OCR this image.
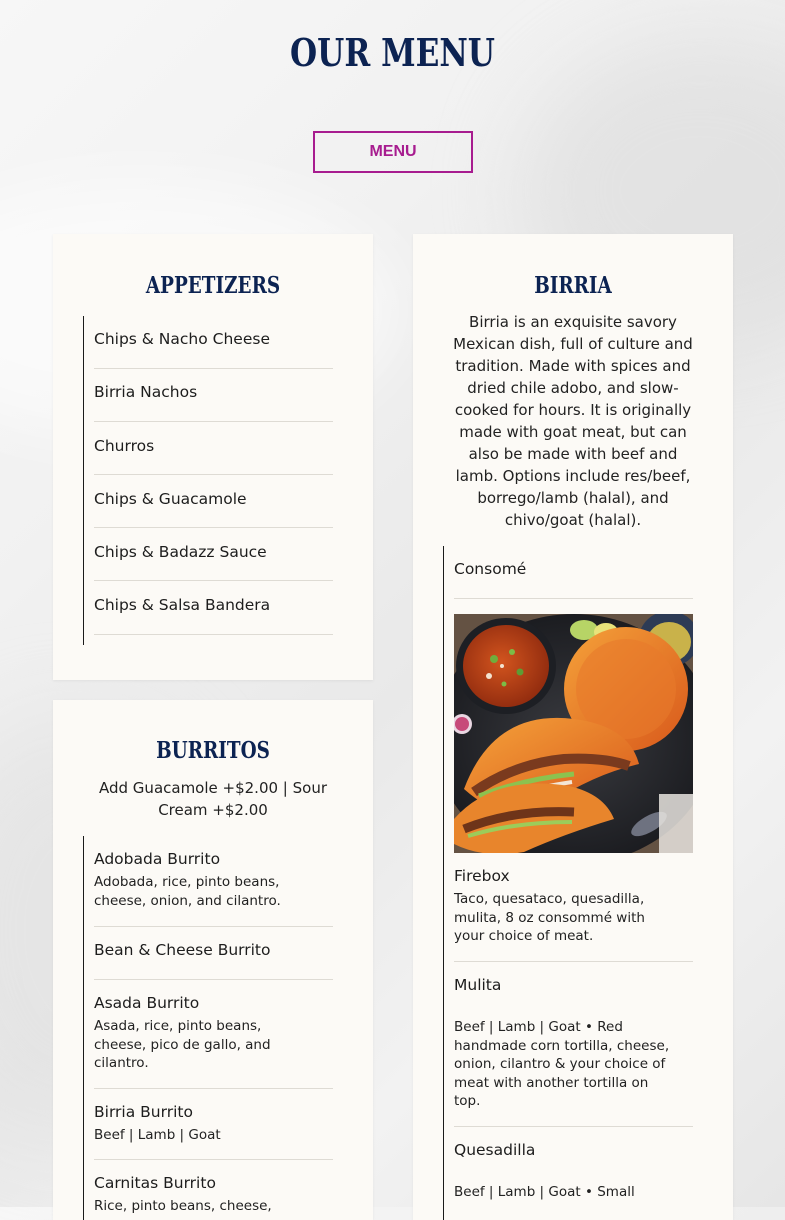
OUR MENU
MENU
APPETIZERS
Chips & Nacho Cheese
Birria Nachos
Churros
Chips & Guacamole
Chips & Badazz Sauce
Chips & Salsa Bandera
BURRITOS
Add Guacamole +$2.00 | Sour Cream +$2.00
Adobada Burrito
Adobada, rice, pinto beans, cheese, onion, and cilantro.
Bean & Cheese Burrito
Asada Burrito
Asada, rice, pinto beans, cheese, pico de gallo, and cilantro.
Birria Burrito
Beef | Lamb | Goat
Carnitas Burrito
Rice, pinto beans, cheese,
BIRRIA
Birria is an exquisite savory Mexican dish, full of culture and tradition. Made with spices and dried chile adobo, and slow-cooked for hours. It is originally made with goat meat, but can also be made with beef and lamb. Options include res/beef, borrego/lamb (halal), and chivo/goat (halal).
Consomé
Firebox
Taco, quesataco, quesadilla, mulita, 8 oz consommé with your choice of meat.
Mulita
Beef | Lamb | Goat • Red handmade corn tortilla, cheese, onion, cilantro & your choice of meat with another tortilla on top.
Quesadilla
Beef | Lamb | Goat • Small
